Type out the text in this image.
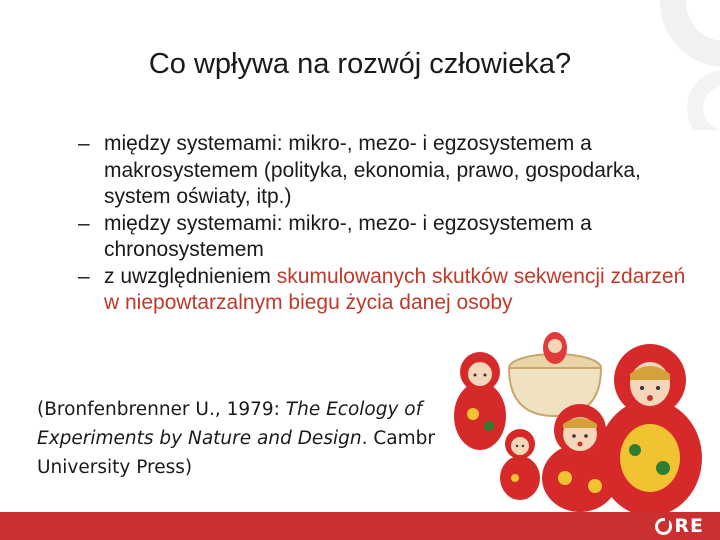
Co wpływa na rozwój człowieka?
– między systemami: mikro-, mezo- i egzosystemem a makrosystemem (polityka, ekonomia, prawo, gospodarka, system oświaty, itp.)
– między systemami: mikro-, mezo- i egzosystemem a chronosystemem
– z uwzględnieniem skumulowanych skutków sekwencji zdarzeń w niepowtarzalnym biegu życia danej osoby
(Bronfenbrenner U., 1979: The Ecology of
Experiments by Nature and Design. Cambr
University Press)
RE
